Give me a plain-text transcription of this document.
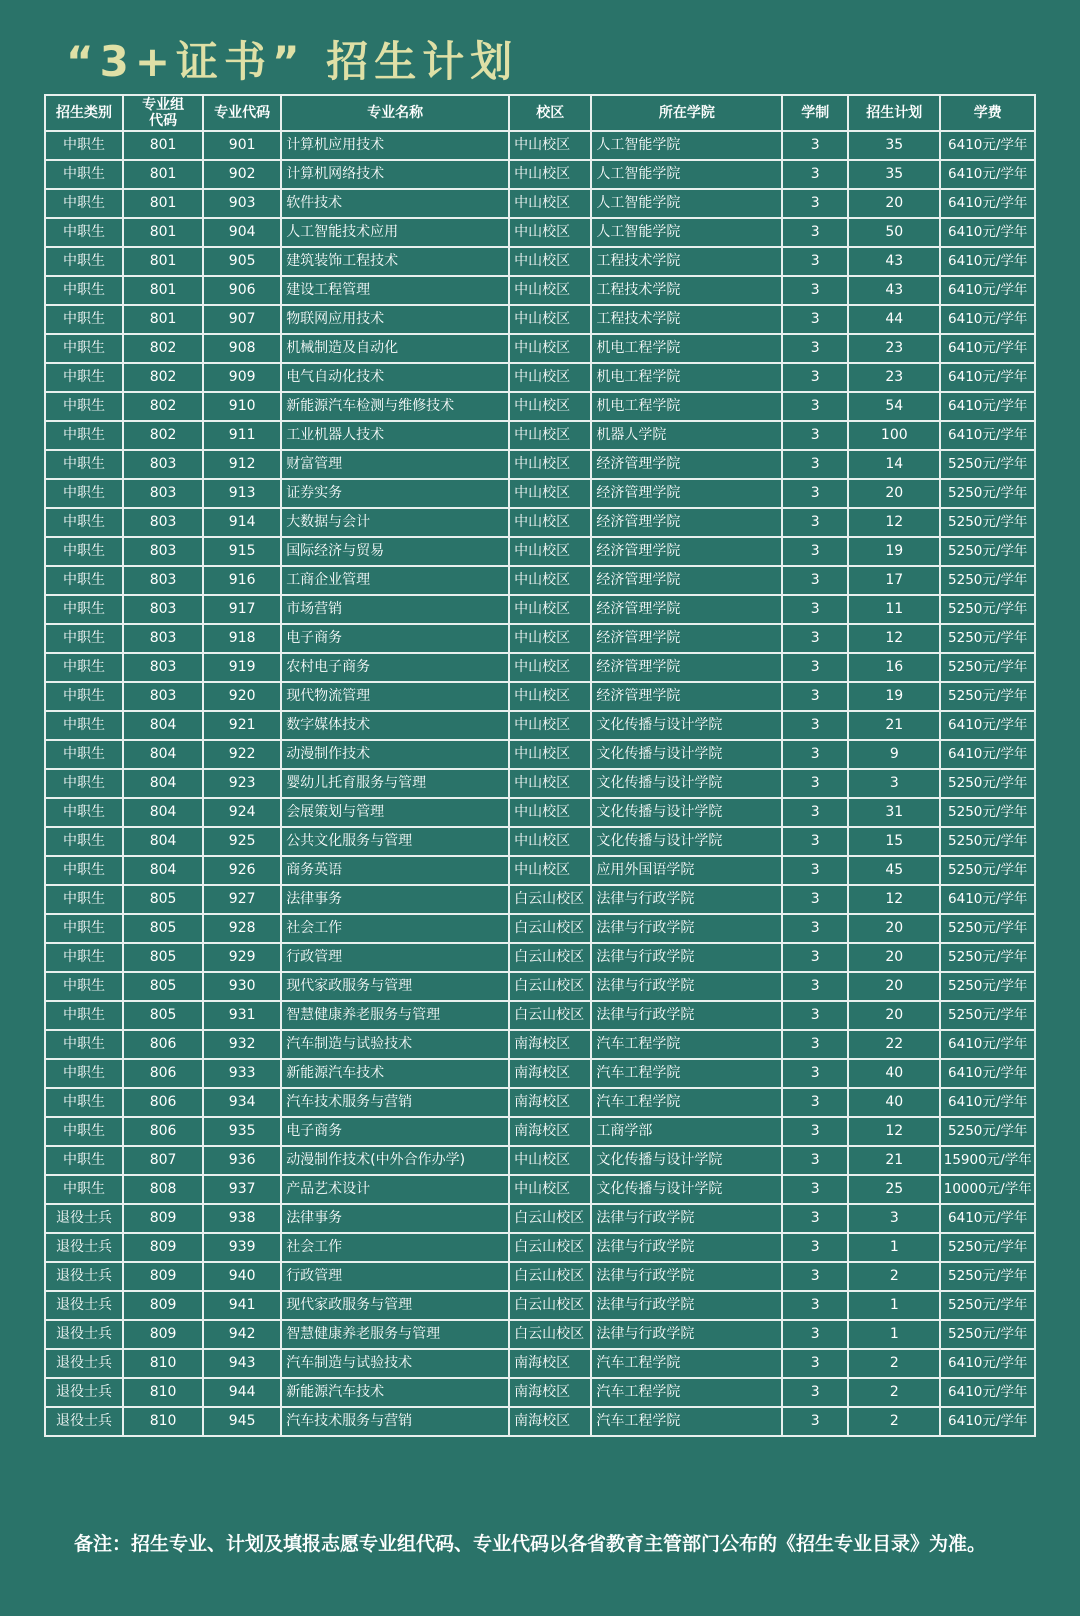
“3+证书” 招生计划
招生类别	专业组代码	专业代码	专业名称	校区	所在学院	学制	招生计划	学费
中职生	801	901	计算机应用技术	中山校区	人工智能学院	3	35	6410元/学年
中职生	801	902	计算机网络技术	中山校区	人工智能学院	3	35	6410元/学年
中职生	801	903	软件技术	中山校区	人工智能学院	3	20	6410元/学年
中职生	801	904	人工智能技术应用	中山校区	人工智能学院	3	50	6410元/学年
中职生	801	905	建筑装饰工程技术	中山校区	工程技术学院	3	43	6410元/学年
中职生	801	906	建设工程管理	中山校区	工程技术学院	3	43	6410元/学年
中职生	801	907	物联网应用技术	中山校区	工程技术学院	3	44	6410元/学年
中职生	802	908	机械制造及自动化	中山校区	机电工程学院	3	23	6410元/学年
中职生	802	909	电气自动化技术	中山校区	机电工程学院	3	23	6410元/学年
中职生	802	910	新能源汽车检测与维修技术	中山校区	机电工程学院	3	54	6410元/学年
中职生	802	911	工业机器人技术	中山校区	机器人学院	3	100	6410元/学年
中职生	803	912	财富管理	中山校区	经济管理学院	3	14	5250元/学年
中职生	803	913	证券实务	中山校区	经济管理学院	3	20	5250元/学年
中职生	803	914	大数据与会计	中山校区	经济管理学院	3	12	5250元/学年
中职生	803	915	国际经济与贸易	中山校区	经济管理学院	3	19	5250元/学年
中职生	803	916	工商企业管理	中山校区	经济管理学院	3	17	5250元/学年
中职生	803	917	市场营销	中山校区	经济管理学院	3	11	5250元/学年
中职生	803	918	电子商务	中山校区	经济管理学院	3	12	5250元/学年
中职生	803	919	农村电子商务	中山校区	经济管理学院	3	16	5250元/学年
中职生	803	920	现代物流管理	中山校区	经济管理学院	3	19	5250元/学年
中职生	804	921	数字媒体技术	中山校区	文化传播与设计学院	3	21	6410元/学年
中职生	804	922	动漫制作技术	中山校区	文化传播与设计学院	3	9	6410元/学年
中职生	804	923	婴幼儿托育服务与管理	中山校区	文化传播与设计学院	3	3	5250元/学年
中职生	804	924	会展策划与管理	中山校区	文化传播与设计学院	3	31	5250元/学年
中职生	804	925	公共文化服务与管理	中山校区	文化传播与设计学院	3	15	5250元/学年
中职生	804	926	商务英语	中山校区	应用外国语学院	3	45	5250元/学年
中职生	805	927	法律事务	白云山校区	法律与行政学院	3	12	6410元/学年
中职生	805	928	社会工作	白云山校区	法律与行政学院	3	20	5250元/学年
中职生	805	929	行政管理	白云山校区	法律与行政学院	3	20	5250元/学年
中职生	805	930	现代家政服务与管理	白云山校区	法律与行政学院	3	20	5250元/学年
中职生	805	931	智慧健康养老服务与管理	白云山校区	法律与行政学院	3	20	5250元/学年
中职生	806	932	汽车制造与试验技术	南海校区	汽车工程学院	3	22	6410元/学年
中职生	806	933	新能源汽车技术	南海校区	汽车工程学院	3	40	6410元/学年
中职生	806	934	汽车技术服务与营销	南海校区	汽车工程学院	3	40	6410元/学年
中职生	806	935	电子商务	南海校区	工商学部	3	12	5250元/学年
中职生	807	936	动漫制作技术(中外合作办学)	中山校区	文化传播与设计学院	3	21	15900元/学年
中职生	808	937	产品艺术设计	中山校区	文化传播与设计学院	3	25	10000元/学年
退役士兵	809	938	法律事务	白云山校区	法律与行政学院	3	3	6410元/学年
退役士兵	809	939	社会工作	白云山校区	法律与行政学院	3	1	5250元/学年
退役士兵	809	940	行政管理	白云山校区	法律与行政学院	3	2	5250元/学年
退役士兵	809	941	现代家政服务与管理	白云山校区	法律与行政学院	3	1	5250元/学年
退役士兵	809	942	智慧健康养老服务与管理	白云山校区	法律与行政学院	3	1	5250元/学年
退役士兵	810	943	汽车制造与试验技术	南海校区	汽车工程学院	3	2	6410元/学年
退役士兵	810	944	新能源汽车技术	南海校区	汽车工程学院	3	2	6410元/学年
退役士兵	810	945	汽车技术服务与营销	南海校区	汽车工程学院	3	2	6410元/学年
备注：招生专业、计划及填报志愿专业组代码、专业代码以各省教育主管部门公布的《招生专业目录》为准。
